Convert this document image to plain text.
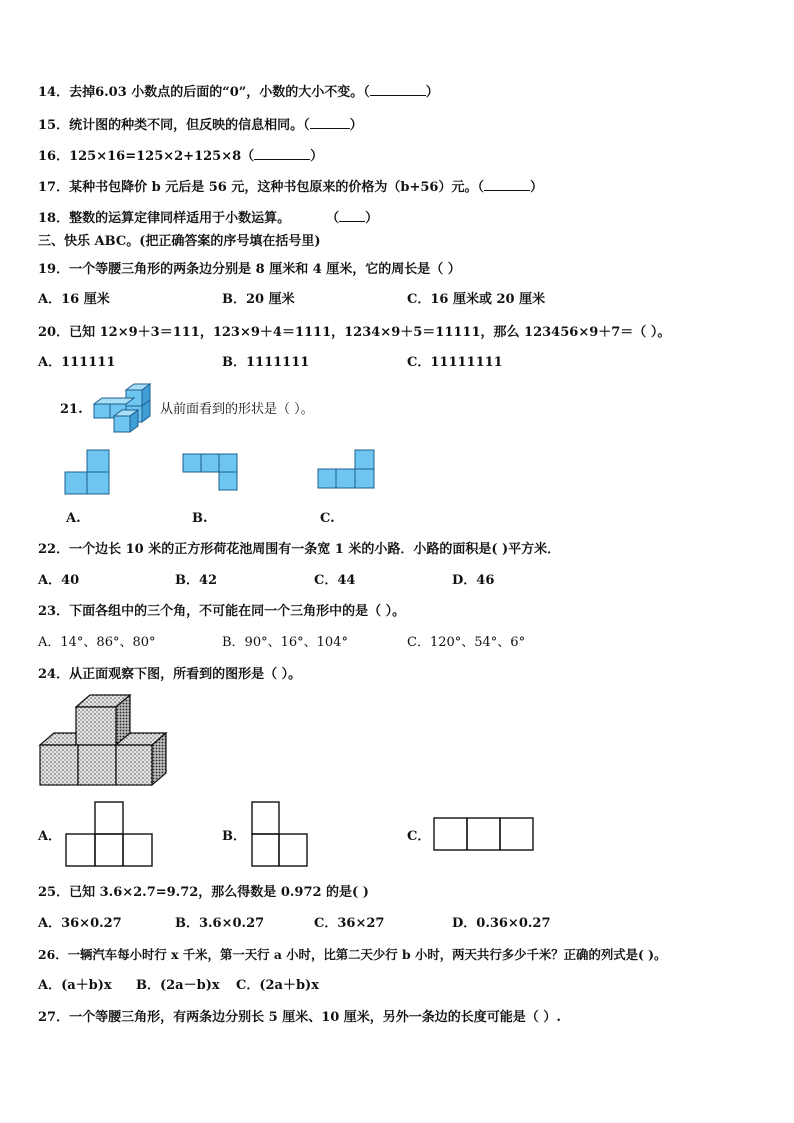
14．去掉6.03 小数点的后面的“0”，小数的大小不变。（	）
15．统计图的种类不同，但反映的信息相同。（	）
16．125×16=125×2+125×8（	）
17．某种书包降价 b 元后是 56 元，这种书包原来的价格为（b+56）元。（	）
18．整数的运算定律同样适用于小数运算。	（ ）
三、快乐 ABC。(把正确答案的序号填在括号里)
19．一个等腰三角形的两条边分别是 8 厘米和 4 厘米，它的周长是（ ）
A．16 厘米	B．20 厘米	C．16 厘米或 20 厘米
20．已知 12×9＋3＝111，123×9＋4＝1111，1234×9＋5＝11111，那么 123456×9＋7＝（ ）。
A．111111	B．1111111	C．11111111
21.	从前面看到的形状是（ ）。
A.	B.	C.
22．一个边长 10 米的正方形荷花池周围有一条宽 1 米的小路．小路的面积是( )平方米．
A．40	B．42	C．44	D．46
23．下面各组中的三个角，不可能在同一个三角形中的是（ ）。
A．14°、86°、80°	B．90°、16°、104°	C．120°、54°、6°
24．从正面观察下图，所看到的图形是（ ）。
A．	B．	C．
25．已知 3.6×2.7=9.72，那么得数是 0.972 的是( )
A．36×0.27	B．3.6×0.27	C．36×27	D．0.36×0.27
26．一辆汽车每小时行 x 千米，第一天行 a 小时，比第二天少行 b 小时，两天共行多少千米？正确的列式是( )。
A．(a＋b)x B．(2a－b)x C．(2a＋b)x
27．一个等腰三角形，有两条边分别长 5 厘米、10 厘米，另外一条边的长度可能是（ ）.
